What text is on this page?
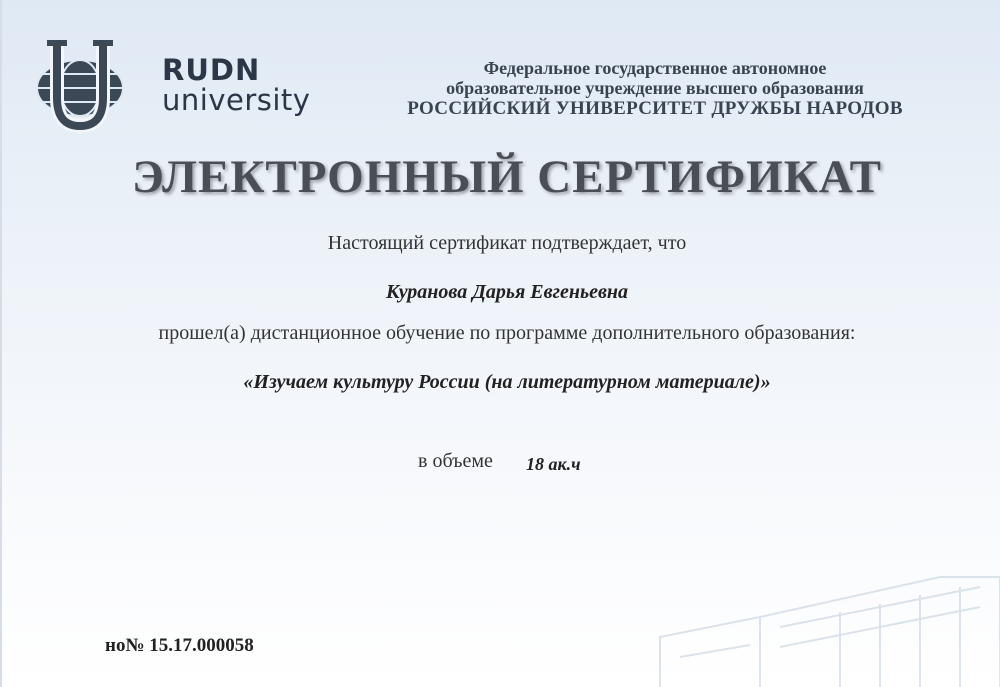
RUDN
university
Федеральное государственное автономное
образовательное учреждение высшего образования
РОССИЙСКИЙ УНИВЕРСИТЕТ ДРУЖБЫ НАРОДОВ
ЭЛЕКТРОННЫЙ СЕРТИФИКАТ
Настоящий сертификат подтверждает, что
Куранова Дарья Евгеньевна
прошел(а) дистанционное обучение по программе дополнительного образования:
«Изучаем культуру России (на литературном материале)»
в объеме 18 ак.ч
но№ 15.17.000058
